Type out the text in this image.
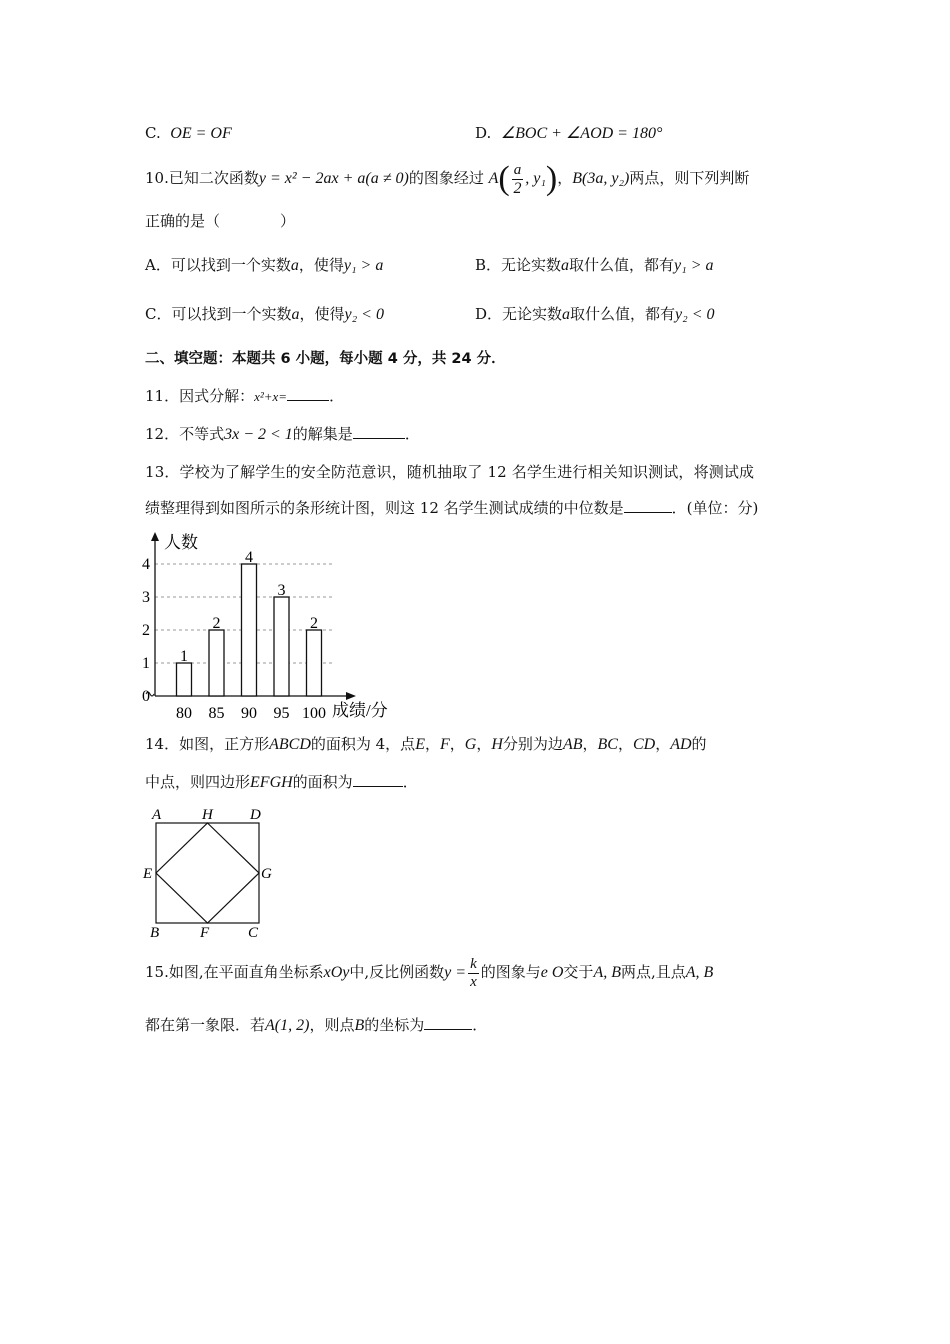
C. OE = OF	D. ∠BOC + ∠AOD = 180°
10.已知二次函数y = x² − 2ax + a(a ≠ 0)的图象经过 $A( \frac{a}{2}$ , y₁)，B(3a, y₂)两点，则下列判断
正确的是（　　　　）
A．可以找到一个实数a，使得y₁ > a	B．无论实数a取什么值，都有y₁ > a
C．可以找到一个实数a，使得y₂ < 0	D．无论实数a取什么值，都有y₂ < 0
二、填空题：本题共 6 小题，每小题 4 分，共 24 分．
11．因式分解：x²+x=	．
12．不等式3x − 2 < 1的解集是	．
13．学校为了解学生的安全防范意识，随机抽取了 12 名学生进行相关知识测试，将测试成
绩整理得到如图所示的条形统计图，则这 12 名学生测试成绩的中位数是	．(单位：分)
0
1
2
3
4
80 85 90 95 100
1
2
4
3
2
人数
成绩/分
14．如图，正方形ABCD的面积为 4，点E，F，G，H分别为边AB，BC，CD，AD的
中点，则四边形EFGH的面积为	．
A	H D
E	G
B	F	C
15.如图,在平面直角坐标系xOy中,反比例函数$y = \frac{k}{x}$ 的图象与e O交于A, B两点,且点A, B
都在第一象限．若A(1, 2)，则点B的坐标为	．
